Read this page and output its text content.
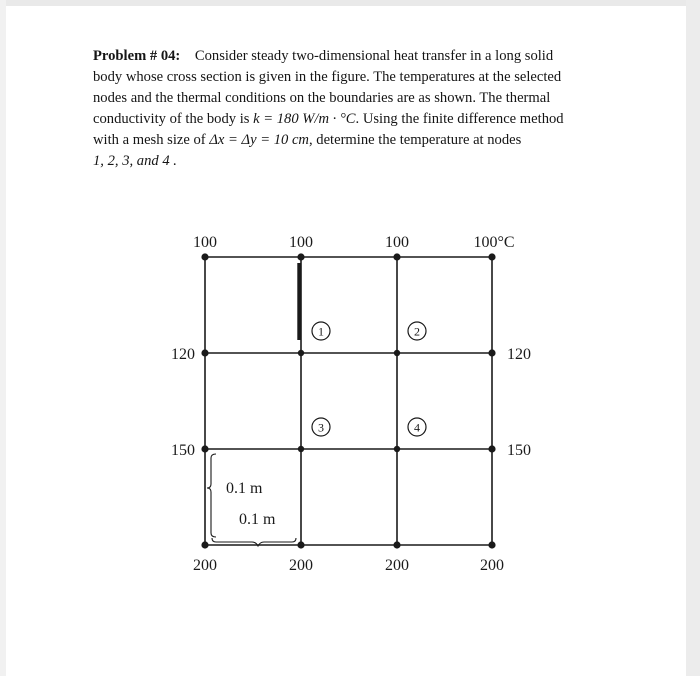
Problem # 04: Consider steady two-dimensional heat transfer in a long solid
body whose cross section is given in the figure. The temperatures at the selected
nodes and the thermal conditions on the boundaries are as shown. The thermal
conductivity of the body is k = 180 W/m · °C. Using the finite difference method
with a mesh size of Δx = Δy = 10 cm, determine the temperature at nodes
1, 2, 3, and 4 .
1	2
3	4
100	100	100	100°C
200	200	200	200
120
150
120
150
0.1 m
0.1 m
